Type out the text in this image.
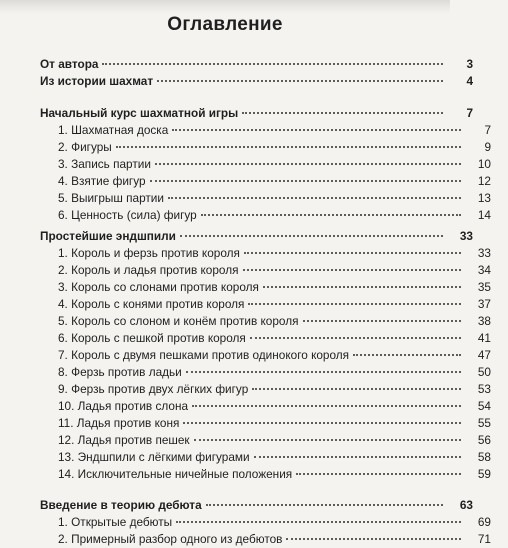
Оглавление
От автора	3
Из истории шахмат	4
Начальный курс шахматной игры	7
1. Шахматная доска	7
2. Фигуры	9
3. Запись партии	10
4. Взятие фигур	12
5. Выигрыш партии	13
6. Ценность (сила) фигур	14
Простейшие эндшпили	33
1. Король и ферзь против короля	33
2. Король и ладья против короля	34
3. Король со слонами против короля	35
4. Король с конями против короля	37
5. Король со слоном и конём против короля	38
6. Король с пешкой против короля	41
7. Король с двумя пешками против одинокого короля	47
8. Ферзь против ладьи	50
9. Ферзь против двух лёгких фигур	53
10. Ладья против слона	54
11. Ладья против коня	55
12. Ладья против пешек	56
13. Эндшпили с лёгкими фигурами	58
14. Исключительные ничейные положения	59
Введение в теорию дебюта	63
1. Открытые дебюты	69
2. Примерный разбор одного из дебютов	71
